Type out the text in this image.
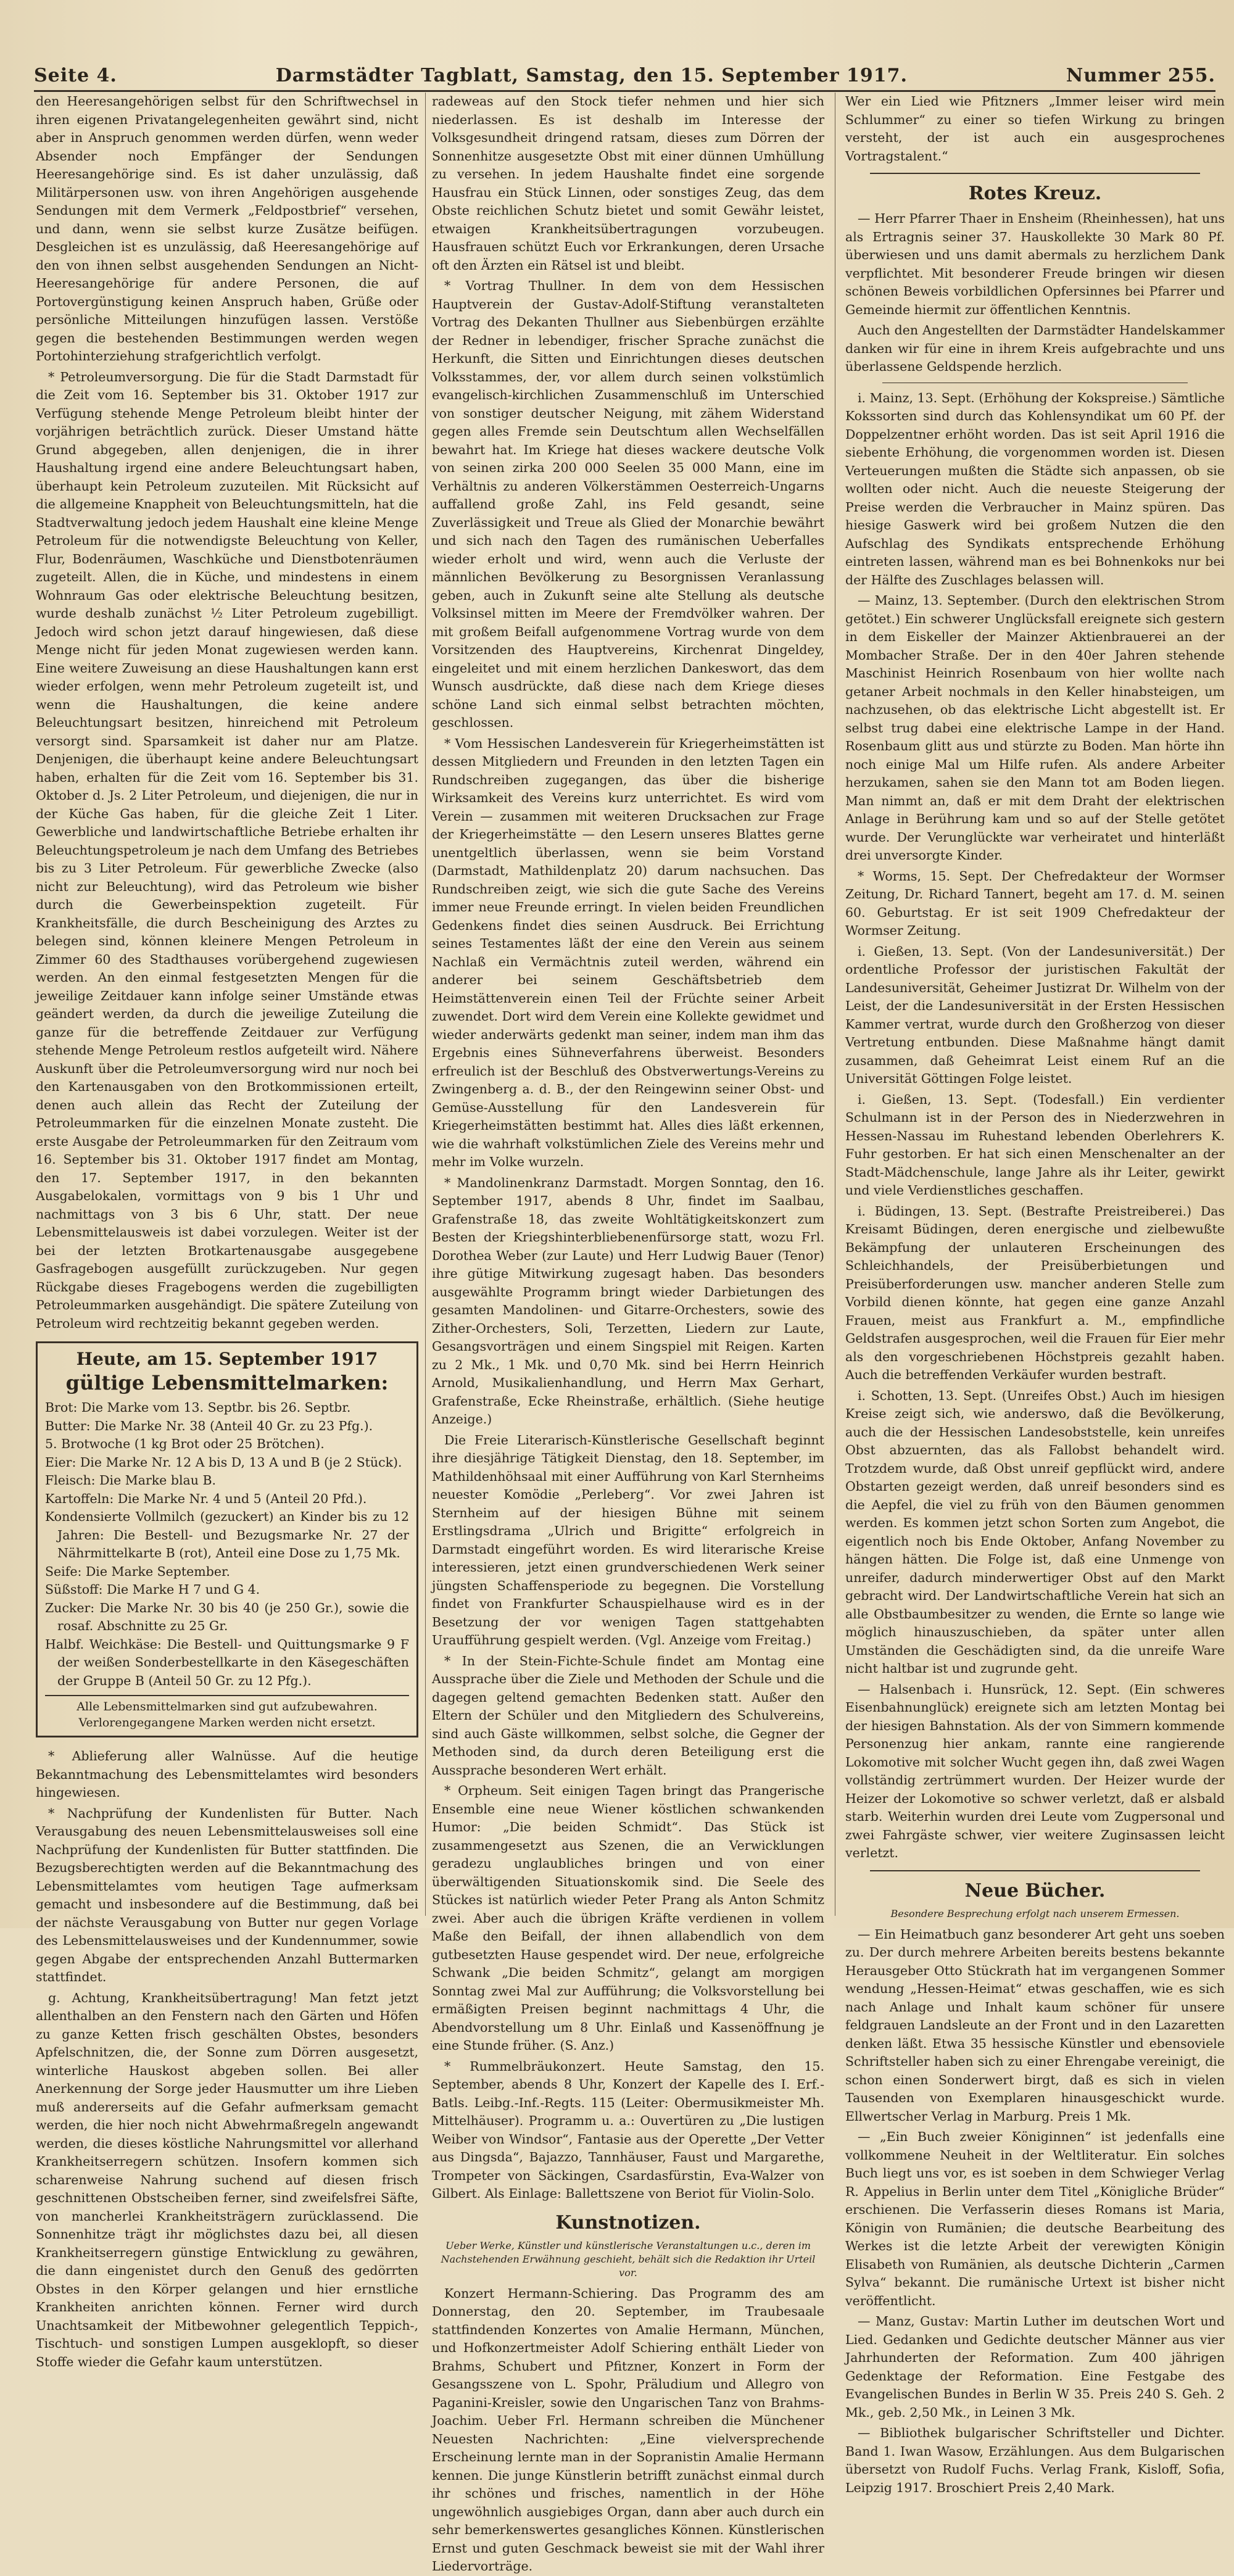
Seite 4.	Darmstädter Tagblatt, Samstag, den 15. September 1917.	Nummer 255.

den Heeresangehörigen selbst für den Schriftwechsel in ihren eigenen Privatangelegenheiten gewährt sind, nicht aber in Anspruch genommen werden dürfen, wenn weder Absender noch Empfänger der Sendungen Heeresangehörige sind. Es ist daher unzulässig, daß Militärpersonen usw. von ihren Angehörigen ausgehende Sendungen mit dem Vermerk „Feldpostbrief“ versehen, und dann, wenn sie selbst kurze Zusätze beifügen. Desgleichen ist es unzulässig, daß Heeresangehörige auf den von ihnen selbst ausgehenden Sendungen an Nicht-Heeresangehörige für andere Personen, die auf Portovergünstigung keinen Anspruch haben, Grüße oder persönliche Mitteilungen hinzufügen lassen. Verstöße gegen die bestehenden Bestimmungen werden wegen Portohinterziehung strafgerichtlich verfolgt.

* Petroleumversorgung. Die für die Stadt Darmstadt für die Zeit vom 16. September bis 31. Oktober 1917 zur Verfügung stehende Menge Petroleum bleibt hinter der vorjährigen beträchtlich zurück. Dieser Umstand hätte Grund abgegeben, allen denjenigen, die in ihrer Haushaltung irgend eine andere Beleuchtungsart haben, überhaupt kein Petroleum zuzuteilen. Mit Rücksicht auf die allgemeine Knappheit von Beleuchtungsmitteln, hat die Stadtverwaltung jedoch jedem Haushalt eine kleine Menge Petroleum für die notwendigste Beleuchtung von Keller, Flur, Bodenräumen, Waschküche und Dienstbotenräumen zugeteilt. Allen, die in Küche, und mindestens in einem Wohnraum Gas oder elektrische Beleuchtung besitzen, wurde deshalb zunächst ½ Liter Petroleum zugebilligt. Jedoch wird schon jetzt darauf hingewiesen, daß diese Menge nicht für jeden Monat zugewiesen werden kann. Eine weitere Zuweisung an diese Haushaltungen kann erst wieder erfolgen, wenn mehr Petroleum zugeteilt ist, und wenn die Haushaltungen, die keine andere Beleuchtungsart besitzen, hinreichend mit Petroleum versorgt sind. Sparsamkeit ist daher nur am Platze. Denjenigen, die überhaupt keine andere Beleuchtungsart haben, erhalten für die Zeit vom 16. September bis 31. Oktober d. Js. 2 Liter Petroleum, und diejenigen, die nur in der Küche Gas haben, für die gleiche Zeit 1 Liter. Gewerbliche und landwirtschaftliche Betriebe erhalten ihr Beleuchtungspetroleum je nach dem Umfang des Betriebes bis zu 3 Liter Petroleum. Für gewerbliche Zwecke (also nicht zur Beleuchtung), wird das Petroleum wie bisher durch die Gewerbeinspektion zugeteilt. Für Krankheitsfälle, die durch Bescheinigung des Arztes zu belegen sind, können kleinere Mengen Petroleum in Zimmer 60 des Stadthauses vorübergehend zugewiesen werden. An den einmal festgesetzten Mengen für die jeweilige Zeitdauer kann infolge seiner Umstände etwas geändert werden, da durch die jeweilige Zuteilung die ganze für die betreffende Zeitdauer zur Verfügung stehende Menge Petroleum restlos aufgeteilt wird. Nähere Auskunft über die Petroleumversorgung wird nur noch bei den Kartenausgaben von den Brotkommissionen erteilt, denen auch allein das Recht der Zuteilung der Petroleummarken für die einzelnen Monate zusteht. Die erste Ausgabe der Petroleummarken für den Zeitraum vom 16. September bis 31. Oktober 1917 findet am Montag, den 17. September 1917, in den bekannten Ausgabelokalen, vormittags von 9 bis 1 Uhr und nachmittags von 3 bis 6 Uhr, statt. Der neue Lebensmittelausweis ist dabei vorzulegen. Weiter ist der bei der letzten Brotkartenausgabe ausgegebene Gasfragebogen ausgefüllt zurückzugeben. Nur gegen Rückgabe dieses Fragebogens werden die zugebilligten Petroleummarken ausgehändigt. Die spätere Zuteilung von Petroleum wird rechtzeitig bekannt gegeben werden.

Heute, am 15. September 1917
gültige Lebensmittelmarken:

Brot: Die Marke vom 13. Septbr. bis 26. Septbr.

Butter: Die Marke Nr. 38 (Anteil 40 Gr. zu 23 Pfg.).

5. Brotwoche (1 kg Brot oder 25 Brötchen).

Eier: Die Marke Nr. 12 A bis D, 13 A und B (je 2 Stück).

Fleisch: Die Marke blau B.

Kartoffeln: Die Marke Nr. 4 und 5 (Anteil 20 Pfd.).

Kondensierte Vollmilch (gezuckert) an Kinder bis zu 12 Jahren: Die Bestell- und Bezugsmarke Nr. 27 der Nährmittelkarte B (rot), Anteil eine Dose zu 1,75 Mk.

Seife: Die Marke September.

Süßstoff: Die Marke H 7 und G 4.

Zucker: Die Marke Nr. 30 bis 40 (je 250 Gr.), sowie die rosaf. Abschnitte zu 25 Gr.

Halbf. Weichkäse: Die Bestell- und Quittungsmarke 9 F der weißen Sonderbestellkarte in den Käsegeschäften der Gruppe B (Anteil 50 Gr. zu 12 Pfg.).

Alle Lebensmittelmarken sind gut aufzubewahren. Verlorengegangene Marken werden nicht ersetzt.

* Ablieferung aller Walnüsse. Auf die heutige Bekanntmachung des Lebensmittelamtes wird besonders hingewiesen.

* Nachprüfung der Kundenlisten für Butter. Nach Verausgabung des neuen Lebensmittelausweises soll eine Nachprüfung der Kundenlisten für Butter stattfinden. Die Bezugsberechtigten werden auf die Bekanntmachung des Lebensmittelamtes vom heutigen Tage aufmerksam gemacht und insbesondere auf die Bestimmung, daß bei der nächste Verausgabung von Butter nur gegen Vorlage des Lebensmittelausweises und der Kundennummer, sowie gegen Abgabe der entsprechenden Anzahl Buttermarken stattfindet.

g. Achtung, Krankheitsübertragung! Man fetzt jetzt allenthalben an den Fenstern nach den Gärten und Höfen zu ganze Ketten frisch geschälten Obstes, besonders Apfelschnitzen, die, der Sonne zum Dörren ausgesetzt, winterliche Hauskost abgeben sollen. Bei aller Anerkennung der Sorge jeder Hausmutter um ihre Lieben muß andererseits auf die Gefahr aufmerksam gemacht werden, die hier noch nicht Abwehrmaßregeln angewandt werden, die dieses köstliche Nahrungsmittel vor allerhand Krankheitserregern schützen. Insofern kommen sich scharenweise Nahrung suchend auf diesen frisch geschnittenen Obstscheiben ferner, sind zweifelsfrei Säfte, von mancherlei Krankheitsträgern zurücklassend. Die Sonnenhitze trägt ihr möglichstes dazu bei, all diesen Krankheitserregern günstige Entwicklung zu gewähren, die dann eingenistet durch den Genuß des gedörrten Obstes in den Körper gelangen und hier ernstliche Krankheiten anrichten können. Ferner wird durch Unachtsamkeit der Mitbewohner gelegentlich Teppich-, Tischtuch- und sonstigen Lumpen ausgeklopft, so dieser Stoffe wieder die Gefahr kaum unterstützen.

radeweas auf den Stock tiefer nehmen und hier sich niederlassen. Es ist deshalb im Interesse der Volksgesundheit dringend ratsam, dieses zum Dörren der Sonnenhitze ausgesetzte Obst mit einer dünnen Umhüllung zu versehen. In jedem Haushalte findet eine sorgende Hausfrau ein Stück Linnen, oder sonstiges Zeug, das dem Obste reichlichen Schutz bietet und somit Gewähr leistet, etwaigen Krankheitsübertragungen vorzubeugen. Hausfrauen schützt Euch vor Erkrankungen, deren Ursache oft den Ärzten ein Rätsel ist und bleibt.

* Vortrag Thullner. In dem von dem Hessischen Hauptverein der Gustav-Adolf-Stiftung veranstalteten Vortrag des Dekanten Thullner aus Siebenbürgen erzählte der Redner in lebendiger, frischer Sprache zunächst die Herkunft, die Sitten und Einrichtungen dieses deutschen Volksstammes, der, vor allem durch seinen volkstümlich evangelisch-kirchlichen Zusammenschluß im Unterschied von sonstiger deutscher Neigung, mit zähem Widerstand gegen alles Fremde sein Deutschtum allen Wechselfällen bewahrt hat. Im Kriege hat dieses wackere deutsche Volk von seinen zirka 200 000 Seelen 35 000 Mann, eine im Verhältnis zu anderen Völkerstämmen Oesterreich-Ungarns auffallend große Zahl, ins Feld gesandt, seine Zuverlässigkeit und Treue als Glied der Monarchie bewährt und sich nach den Tagen des rumänischen Ueberfalles wieder erholt und wird, wenn auch die Verluste der männlichen Bevölkerung zu Besorgnissen Veranlassung geben, auch in Zukunft seine alte Stellung als deutsche Volksinsel mitten im Meere der Fremdvölker wahren. Der mit großem Beifall aufgenommene Vortrag wurde von dem Vorsitzenden des Hauptvereins, Kirchenrat Dingeldey, eingeleitet und mit einem herzlichen Dankeswort, das dem Wunsch ausdrückte, daß diese nach dem Kriege dieses schöne Land sich einmal selbst betrachten möchten, geschlossen.

* Vom Hessischen Landesverein für Kriegerheimstätten ist dessen Mitgliedern und Freunden in den letzten Tagen ein Rundschreiben zugegangen, das über die bisherige Wirksamkeit des Vereins kurz unterrichtet. Es wird vom Verein — zusammen mit weiteren Drucksachen zur Frage der Kriegerheimstätte — den Lesern unseres Blattes gerne unentgeltlich überlassen, wenn sie beim Vorstand (Darmstadt, Mathildenplatz 20) darum nachsuchen. Das Rundschreiben zeigt, wie sich die gute Sache des Vereins immer neue Freunde erringt. In vielen beiden Freundlichen Gedenkens findet dies seinen Ausdruck. Bei Errichtung seines Testamentes läßt der eine den Verein aus seinem Nachlaß ein Vermächtnis zuteil werden, während ein anderer bei seinem Geschäftsbetrieb dem Heimstättenverein einen Teil der Früchte seiner Arbeit zuwendet. Dort wird dem Verein eine Kollekte gewidmet und wieder anderwärts gedenkt man seiner, indem man ihm das Ergebnis eines Sühneverfahrens überweist. Besonders erfreulich ist der Beschluß des Obstverwertungs-Vereins zu Zwingenberg a. d. B., der den Reingewinn seiner Obst- und Gemüse-Ausstellung für den Landesverein für Kriegerheimstätten bestimmt hat. Alles dies läßt erkennen, wie die wahrhaft volkstümlichen Ziele des Vereins mehr und mehr im Volke wurzeln.

* Mandolinenkranz Darmstadt. Morgen Sonntag, den 16. September 1917, abends 8 Uhr, findet im Saalbau, Grafenstraße 18, das zweite Wohltätigkeitskonzert zum Besten der Kriegshinterbliebenenfürsorge statt, wozu Frl. Dorothea Weber (zur Laute) und Herr Ludwig Bauer (Tenor) ihre gütige Mitwirkung zugesagt haben. Das besonders ausgewählte Programm bringt wieder Darbietungen des gesamten Mandolinen- und Gitarre-Orchesters, sowie des Zither-Orchesters, Soli, Terzetten, Liedern zur Laute, Gesangsvorträgen und einem Singspiel mit Reigen. Karten zu 2 Mk., 1 Mk. und 0,70 Mk. sind bei Herrn Heinrich Arnold, Musikalienhandlung, und Herrn Max Gerhart, Grafenstraße, Ecke Rheinstraße, erhältlich. (Siehe heutige Anzeige.)

Die Freie Literarisch-Künstlerische Gesellschaft beginnt ihre diesjährige Tätigkeit Dienstag, den 18. September, im Mathildenhöhsaal mit einer Aufführung von Karl Sternheims neuester Komödie „Perleberg“. Vor zwei Jahren ist Sternheim auf der hiesigen Bühne mit seinem Erstlingsdrama „Ulrich und Brigitte“ erfolgreich in Darmstadt eingeführt worden. Es wird literarische Kreise interessieren, jetzt einen grundverschiedenen Werk seiner jüngsten Schaffensperiode zu begegnen. Die Vorstellung findet von Frankfurter Schauspielhause wird es in der Besetzung der vor wenigen Tagen stattgehabten Uraufführung gespielt werden. (Vgl. Anzeige vom Freitag.)

* In der Stein-Fichte-Schule findet am Montag eine Aussprache über die Ziele und Methoden der Schule und die dagegen geltend gemachten Bedenken statt. Außer den Eltern der Schüler und den Mitgliedern des Schulvereins, sind auch Gäste willkommen, selbst solche, die Gegner der Methoden sind, da durch deren Beteiligung erst die Aussprache besonderen Wert erhält.

* Orpheum. Seit einigen Tagen bringt das Prangerische Ensemble eine neue Wiener köstlichen schwankenden Humor: „Die beiden Schmidt“. Das Stück ist zusammengesetzt aus Szenen, die an Verwicklungen geradezu unglaubliches bringen und von einer überwältigenden Situationskomik sind. Die Seele des Stückes ist natürlich wieder Peter Prang als Anton Schmitz zwei. Aber auch die übrigen Kräfte verdienen in vollem Maße den Beifall, der ihnen allabendlich von dem gutbesetzten Hause gespendet wird. Der neue, erfolgreiche Schwank „Die beiden Schmitz“, gelangt am morgigen Sonntag zwei Mal zur Aufführung; die Volksvorstellung bei ermäßigten Preisen beginnt nachmittags 4 Uhr, die Abendvorstellung um 8 Uhr. Einlaß und Kassenöffnung je eine Stunde früher. (S. Anz.)

* Rummelbräukonzert. Heute Samstag, den 15. September, abends 8 Uhr, Konzert der Kapelle des I. Erf.-Batls. Leibg.-Inf.-Regts. 115 (Leiter: Obermusikmeister Mh. Mittelhäuser). Programm u. a.: Ouvertüren zu „Die lustigen Weiber von Windsor“, Fantasie aus der Operette „Der Vetter aus Dingsda“, Bajazzo, Tannhäuser, Faust und Margarethe, Trompeter von Säckingen, Csardasfürstin, Eva-Walzer von Gilbert. Als Einlage: Ballettszene von Beriot für Violin-Solo.

Kunstnotizen.
Ueber Werke, Künstler und künstlerische Veranstaltungen u.c., deren im Nachstehenden Erwähnung geschieht, behält sich die Redaktion ihr Urteil vor.

Konzert Hermann-Schiering. Das Programm des am Donnerstag, den 20. September, im Traubesaale stattfindenden Konzertes von Amalie Hermann, München, und Hofkonzertmeister Adolf Schiering enthält Lieder von Brahms, Schubert und Pfitzner, Konzert in Form der Gesangsszene von L. Spohr, Präludium und Allegro von Paganini-Kreisler, sowie den Ungarischen Tanz von Brahms-Joachim. Ueber Frl. Hermann schreiben die Münchener Neuesten Nachrichten: „Eine vielversprechende Erscheinung lernte man in der Sopranistin Amalie Hermann kennen. Die junge Künstlerin betrifft zunächst einmal durch ihr schönes und frisches, namentlich in der Höhe ungewöhnlich ausgiebiges Organ, dann aber auch durch ein sehr bemerkenswertes gesangliches Können. Künstlerischen Ernst und guten Geschmack beweist sie mit der Wahl ihrer Liedervorträge.

Wer ein Lied wie Pfitzners „Immer leiser wird mein Schlummer“ zu einer so tiefen Wirkung zu bringen versteht, der ist auch ein ausgesprochenes Vortragstalent.“

Rotes Kreuz.

— Herr Pfarrer Thaer in Ensheim (Rheinhessen), hat uns als Ertragnis seiner 37. Hauskollekte 30 Mark 80 Pf. überwiesen und uns damit abermals zu herzlichem Dank verpflichtet. Mit besonderer Freude bringen wir diesen schönen Beweis vorbildlichen Opfersinnes bei Pfarrer und Gemeinde hiermit zur öffentlichen Kenntnis.

Auch den Angestellten der Darmstädter Handelskammer danken wir für eine in ihrem Kreis aufgebrachte und uns überlassene Geldspende herzlich.

i. Mainz, 13. Sept. (Erhöhung der Kokspreise.) Sämtliche Kokssorten sind durch das Kohlensyndikat um 60 Pf. der Doppelzentner erhöht worden. Das ist seit April 1916 die siebente Erhöhung, die vorgenommen worden ist. Diesen Verteuerungen mußten die Städte sich anpassen, ob sie wollten oder nicht. Auch die neueste Steigerung der Preise werden die Verbraucher in Mainz spüren. Das hiesige Gaswerk wird bei großem Nutzen die den Aufschlag des Syndikats entsprechende Erhöhung eintreten lassen, während man es bei Bohnenkoks nur bei der Hälfte des Zuschlages belassen will.

— Mainz, 13. September. (Durch den elektrischen Strom getötet.) Ein schwerer Unglücksfall ereignete sich gestern in dem Eiskeller der Mainzer Aktienbrauerei an der Mombacher Straße. Der in den 40er Jahren stehende Maschinist Heinrich Rosenbaum von hier wollte nach getaner Arbeit nochmals in den Keller hinabsteigen, um nachzusehen, ob das elektrische Licht abgestellt ist. Er selbst trug dabei eine elektrische Lampe in der Hand. Rosenbaum glitt aus und stürzte zu Boden. Man hörte ihn noch einige Mal um Hilfe rufen. Als andere Arbeiter herzukamen, sahen sie den Mann tot am Boden liegen. Man nimmt an, daß er mit dem Draht der elektrischen Anlage in Berührung kam und so auf der Stelle getötet wurde. Der Verunglückte war verheiratet und hinterläßt drei unversorgte Kinder.

* Worms, 15. Sept. Der Chefredakteur der Wormser Zeitung, Dr. Richard Tannert, begeht am 17. d. M. seinen 60. Geburtstag. Er ist seit 1909 Chefredakteur der Wormser Zeitung.

i. Gießen, 13. Sept. (Von der Landesuniversität.) Der ordentliche Professor der juristischen Fakultät der Landesuniversität, Geheimer Justizrat Dr. Wilhelm von der Leist, der die Landesuniversität in der Ersten Hessischen Kammer vertrat, wurde durch den Großherzog von dieser Vertretung entbunden. Diese Maßnahme hängt damit zusammen, daß Geheimrat Leist einem Ruf an die Universität Göttingen Folge leistet.

i. Gießen, 13. Sept. (Todesfall.) Ein verdienter Schulmann ist in der Person des in Niederzwehren in Hessen-Nassau im Ruhestand lebenden Oberlehrers K. Fuhr gestorben. Er hat sich einen Menschenalter an der Stadt-Mädchenschule, lange Jahre als ihr Leiter, gewirkt und viele Verdienstliches geschaffen.

i. Büdingen, 13. Sept. (Bestrafte Preistreiberei.) Das Kreisamt Büdingen, deren energische und zielbewußte Bekämpfung der unlauteren Erscheinungen des Schleichhandels, der Preisüberbietungen und Preisüberforderungen usw. mancher anderen Stelle zum Vorbild dienen könnte, hat gegen eine ganze Anzahl Frauen, meist aus Frankfurt a. M., empfindliche Geldstrafen ausgesprochen, weil die Frauen für Eier mehr als den vorgeschriebenen Höchstpreis gezahlt haben. Auch die betreffenden Verkäufer wurden bestraft.

i. Schotten, 13. Sept. (Unreifes Obst.) Auch im hiesigen Kreise zeigt sich, wie anderswo, daß die Bevölkerung, auch die der Hessischen Landesobststelle, kein unreifes Obst abzuernten, das als Fallobst behandelt wird. Trotzdem wurde, daß Obst unreif gepflückt wird, andere Obstarten gezeigt werden, daß unreif besonders sind es die Aepfel, die viel zu früh von den Bäumen genommen werden. Es kommen jetzt schon Sorten zum Angebot, die eigentlich noch bis Ende Oktober, Anfang November zu hängen hätten. Die Folge ist, daß eine Unmenge von unreifer, dadurch minderwertiger Obst auf den Markt gebracht wird. Der Landwirtschaftliche Verein hat sich an alle Obstbaumbesitzer zu wenden, die Ernte so lange wie möglich hinauszuschieben, da später unter allen Umständen die Geschädigten sind, da die unreife Ware nicht haltbar ist und zugrunde geht.

— Halsenbach i. Hunsrück, 12. Sept. (Ein schweres Eisenbahnunglück) ereignete sich am letzten Montag bei der hiesigen Bahnstation. Als der von Simmern kommende Personenzug hier ankam, rannte eine rangierende Lokomotive mit solcher Wucht gegen ihn, daß zwei Wagen vollständig zertrümmert wurden. Der Heizer wurde der Heizer der Lokomotive so schwer verletzt, daß er alsbald starb. Weiterhin wurden drei Leute vom Zugpersonal und zwei Fahrgäste schwer, vier weitere Zuginsassen leicht verletzt.

Neue Bücher.
Besondere Besprechung erfolgt nach unserem Ermessen.

— Ein Heimatbuch ganz besonderer Art geht uns soeben zu. Der durch mehrere Arbeiten bereits bestens bekannte Herausgeber Otto Stückrath hat im vergangenen Sommer wendung „Hessen-Heimat“ etwas geschaffen, wie es sich nach Anlage und Inhalt kaum schöner für unsere feldgrauen Landsleute an der Front und in den Lazaretten denken läßt. Etwa 35 hessische Künstler und ebensoviele Schriftsteller haben sich zu einer Ehrengabe vereinigt, die schon einen Sonderwert birgt, daß es sich in vielen Tausenden von Exemplaren hinausgeschickt wurde. Ellwertscher Verlag in Marburg. Preis 1 Mk.

— „Ein Buch zweier Königinnen“ ist jedenfalls eine vollkommene Neuheit in der Weltliteratur. Ein solches Buch liegt uns vor, es ist soeben in dem Schwieger Verlag R. Appelius in Berlin unter dem Titel „Königliche Brüder“ erschienen. Die Verfasserin dieses Romans ist Maria, Königin von Rumänien; die deutsche Bearbeitung des Werkes ist die letzte Arbeit der verewigten Königin Elisabeth von Rumänien, als deutsche Dichterin „Carmen Sylva“ bekannt. Die rumänische Urtext ist bisher nicht veröffentlicht.

— Manz, Gustav: Martin Luther im deutschen Wort und Lied. Gedanken und Gedichte deutscher Männer aus vier Jahrhunderten der Reformation. Zum 400 jährigen Gedenktage der Reformation. Eine Festgabe des Evangelischen Bundes in Berlin W 35. Preis 240 S. Geh. 2 Mk., geb. 2,50 Mk., in Leinen 3 Mk.

— Bibliothek bulgarischer Schriftsteller und Dichter. Band 1. Iwan Wasow, Erzählungen. Aus dem Bulgarischen übersetzt von Rudolf Fuchs. Verlag Frank, Kisloff, Sofia, Leipzig 1917. Broschiert Preis 2,40 Mark.
